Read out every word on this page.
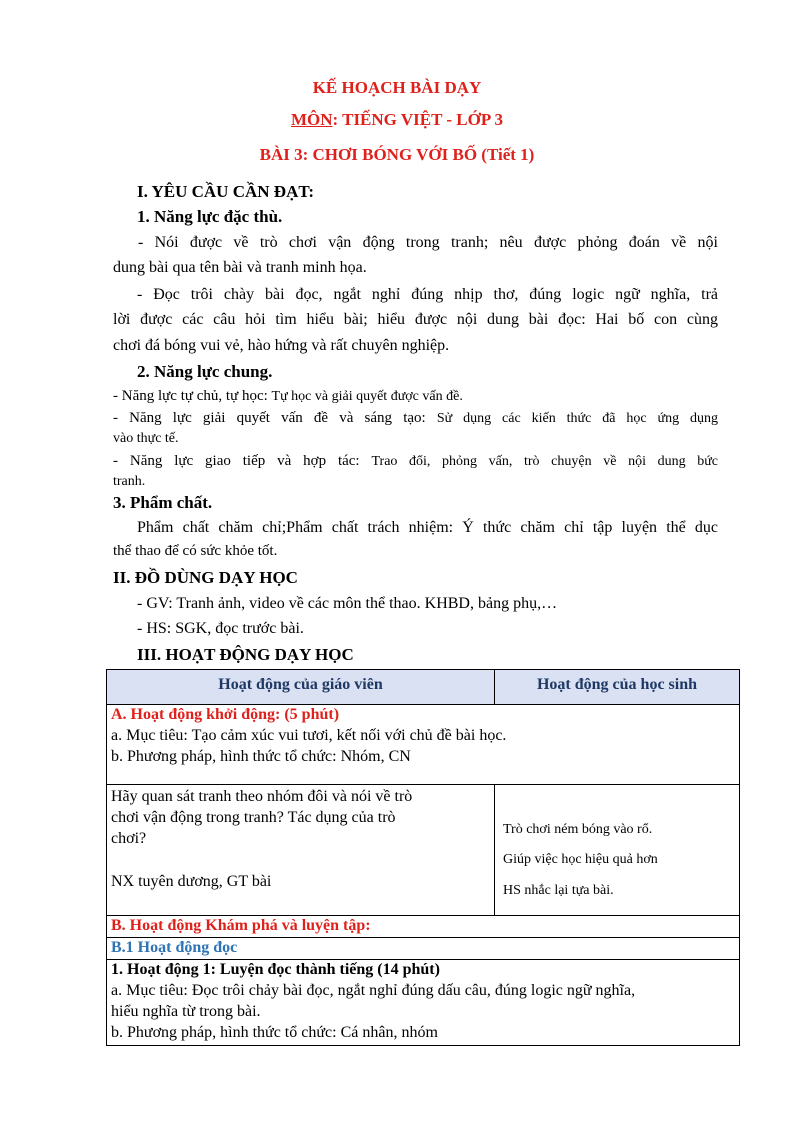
KẾ HOẠCH BÀI DẠY
MÔN: TIẾNG VIỆT - LỚP 3
BÀI 3: CHƠI BÓNG VỚI BỐ (Tiết 1)
I. YÊU CẦU CẦN ĐẠT:
1. Năng lực đặc thù.
- Nói được về trò chơi vận động trong tranh; nêu được phỏng đoán về nội
dung bài qua tên bài và tranh minh họa.
- Đọc trôi chày bài đọc, ngắt nghỉ đúng nhịp thơ, đúng logic ngữ nghĩa, trả
lời được các câu hỏi tìm hiểu bài; hiểu được nội dung bài đọc: Hai bố con cùng
chơi đá bóng vui vẻ, hào hứng và rất chuyên nghiệp.
2. Năng lực chung.
- Năng lực tự chủ, tự học: Tự học và giải quyết được vấn đề.
- Năng lực giải quyết vấn đề và sáng tạo: Sử dụng các kiến thức đã học ứng dụng
vào thực tế.
- Năng lực giao tiếp và hợp tác: Trao đổi, phỏng vấn, trò chuyện về nội dung bức
tranh.
3. Phẩm chất.
Phẩm chất chăm chỉ;Phẩm chất trách nhiệm: Ý thức chăm chỉ tập luyện thể dục
thể thao để có sức khỏe tốt.
II. ĐỒ DÙNG DẠY HỌC
- GV: Tranh ảnh, video về các môn thể thao. KHBD, bảng phụ,…
- HS: SGK, đọc trước bài.
III. HOẠT ĐỘNG DẠY HỌC
Hoạt động của giáo viên	Hoạt động của học sinh
A. Hoạt động khởi động: (5 phút)
a. Mục tiêu: Tạo cảm xúc vui tươi, kết nối với chủ đề bài học.
b. Phương pháp, hình thức tổ chức: Nhóm, CN
Hãy quan sát tranh theo nhóm đôi và nói về trò
chơi vận động trong tranh? Tác dụng của trò
chơi?
NX tuyên dương, GT bài
Trò chơi ném bóng vào rổ.
Giúp việc học hiệu quả hơn
HS nhắc lại tựa bài.
B. Hoạt động Khám phá và luyện tập:
B.1 Hoạt động đọc
1. Hoạt động 1: Luyện đọc thành tiếng (14 phút)
a. Mục tiêu: Đọc trôi chảy bài đọc, ngắt nghỉ đúng dấu câu, đúng logic ngữ nghĩa,
hiểu nghĩa từ trong bài.
b. Phương pháp, hình thức tổ chức: Cá nhân, nhóm
